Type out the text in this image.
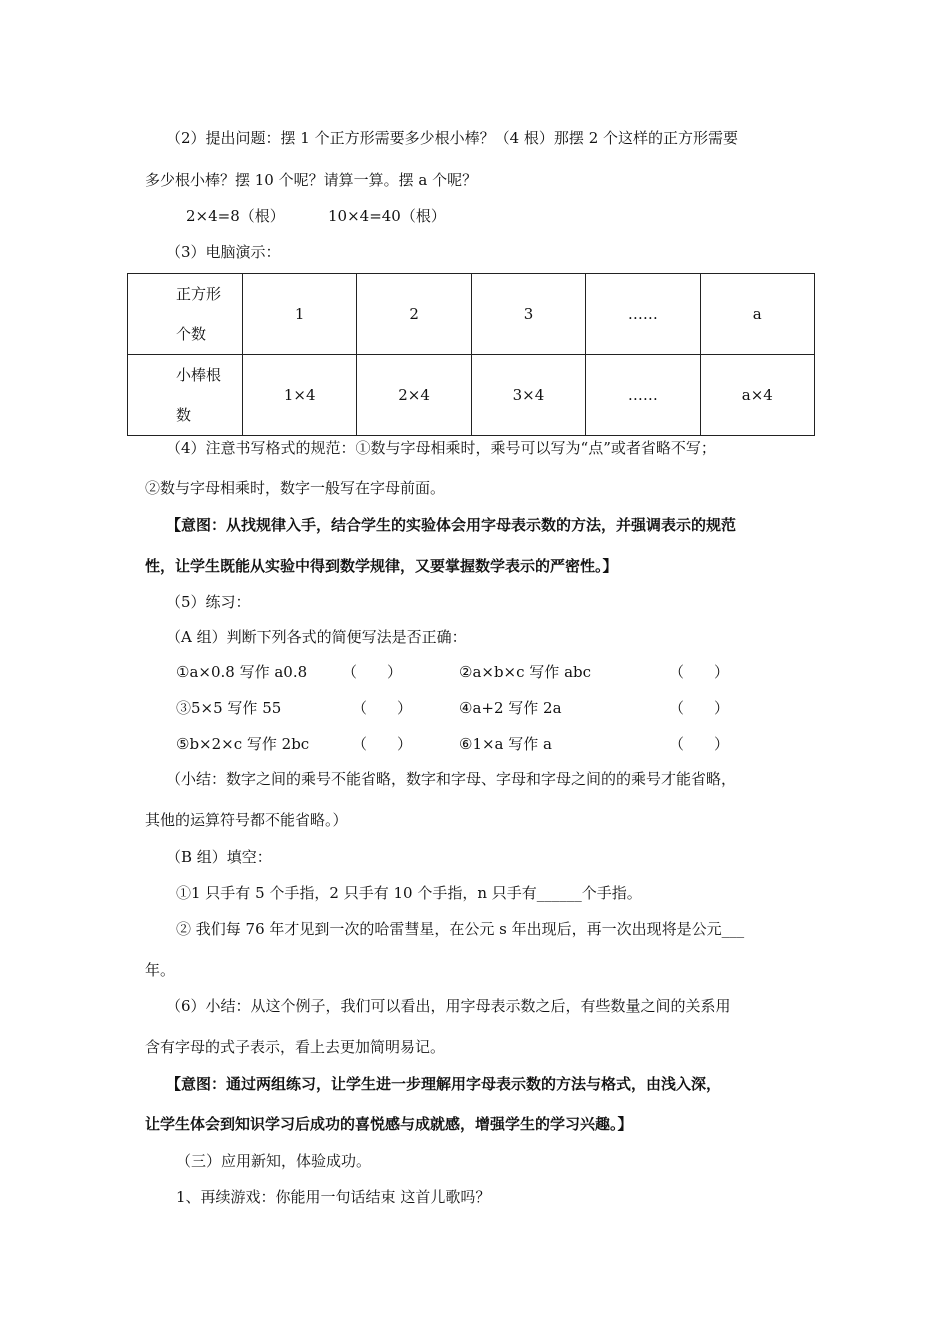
（2）提出问题：摆 1 个正方形需要多少根小棒？（4 根）那摆 2 个这样的正方形需要
多少根小棒？摆 10 个呢？请算一算。摆 a 个呢？
2×4=8（根）	10×4=40（根）
（3）电脑演示：
正方形个数	1	2	3	……	a
小棒根数	1×4	2×4	3×4	……	a×4
（4）注意书写格式的规范：①数与字母相乘时，乘号可以写为“点”或者省略不写；
②数与字母相乘时，数字一般写在字母前面。
【意图：从找规律入手，结合学生的实验体会用字母表示数的方法，并强调表示的规范
性，让学生既能从实验中得到数学规律，又要掌握数学表示的严密性。】
（5）练习：
（A 组）判断下列各式的简便写法是否正确：
①a×0.8 写作 a0.8 （　　）	②a×b×c 写作 abc	（　　）
③5×5 写作 55	（　　）	④a+2 写作 2a	（　　）
⑤b×2×c 写作 2bc	（　　）	⑥1×a 写作 a	（　　）
（小结：数字之间的乘号不能省略，数字和字母、字母和字母之间的的乘号才能省略，
其他的运算符号都不能省略。）
（B 组）填空：
①1 只手有 5 个手指，2 只手有 10 个手指，n 只手有______个手指。
② 我们每 76 年才见到一次的哈雷彗星，在公元 s 年出现后，再一次出现将是公元___
年。
（6）小结：从这个例子，我们可以看出，用字母表示数之后，有些数量之间的关系用
含有字母的式子表示，看上去更加简明易记。
【意图：通过两组练习，让学生进一步理解用字母表示数的方法与格式，由浅入深，
让学生体会到知识学习后成功的喜悦感与成就感，增强学生的学习兴趣。】
（三）应用新知，体验成功。
1、再续游戏：你能用一句话结束 这首儿歌吗？
